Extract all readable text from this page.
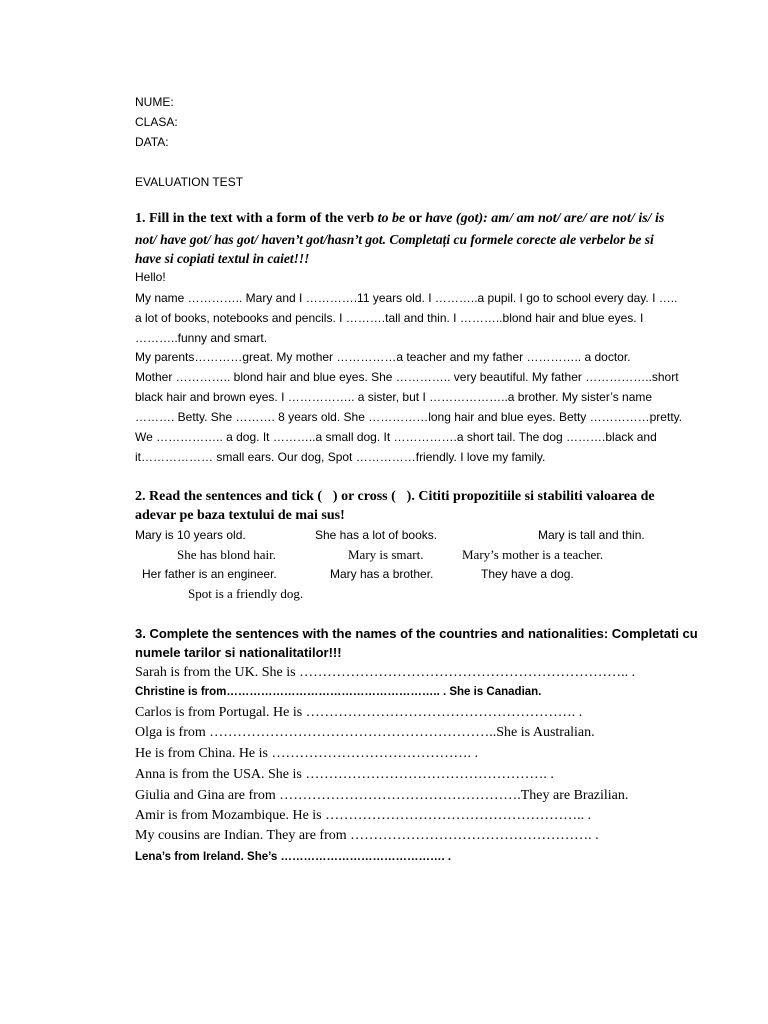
NUME:
CLASA:
DATA:
EVALUATION TEST
1. Fill in the text with a form of the verb to be or have (got): am/ am not/ are/ are not/ is/ is
not/ have got/ has got/ haven’t got/hasn’t got. Completați cu formele corecte ale verbelor be si
have si copiati textul in caiet!!!
Hello!
My name ………….. Mary and I ………….11 years old. I ………..a pupil. I go to school every day. I …..
a lot of books, notebooks and pencils. I ……….tall and thin. I ………..blond hair and blue eyes. I
………..funny and smart.
My parents…………great. My mother ……………a teacher and my father ………….. a doctor.
Mother ………….. blond hair and blue eyes. She ………….. very beautiful. My father ……………..short
black hair and brown eyes. I …………….. a sister, but I ………………..a brother. My sister’s name
………. Betty. She ………. 8 years old. She ……………long hair and blue eyes. Betty ……………pretty.
We …………….. a dog. It ………..a small dog. It …………….a short tail. The dog ……….black and
it……………… small ears. Our dog, Spot ……………friendly. I love my family.
2. Read the sentences and tick ( ) or cross ( ). Cititi propozitiile si stabiliti valoarea de
adevar pe baza textului de mai sus!
Mary is 10 years old.	She has a lot of books.	Mary is tall and thin.
She has blond hair.	Mary is smart.	Mary’s mother is a teacher.
Her father is an engineer.	Mary has a brother.	They have a dog.
Spot is a friendly dog.
3. Complete the sentences with the names of the countries and nationalities: Completati cu
numele tarilor si nationalitatilor!!!
Sarah is from the UK. She is …………………………………………………………….. .
Christine is from……………………………………………….. . She is Canadian.
Carlos is from Portugal. He is …………………………………………………. .
Olga is from ……………………………………………………..She is Australian.
He is from China. He is ……………………………………. .
Anna is from the USA. She is ……………………………………………. .
Giulia and Gina are from …………………………………………….They are Brazilian.
Amir is from Mozambique. He is ……………………………………………….. .
My cousins are Indian. They are from ……………………………………………. .
Lena’s from Ireland. She’s ……………………………………. .
